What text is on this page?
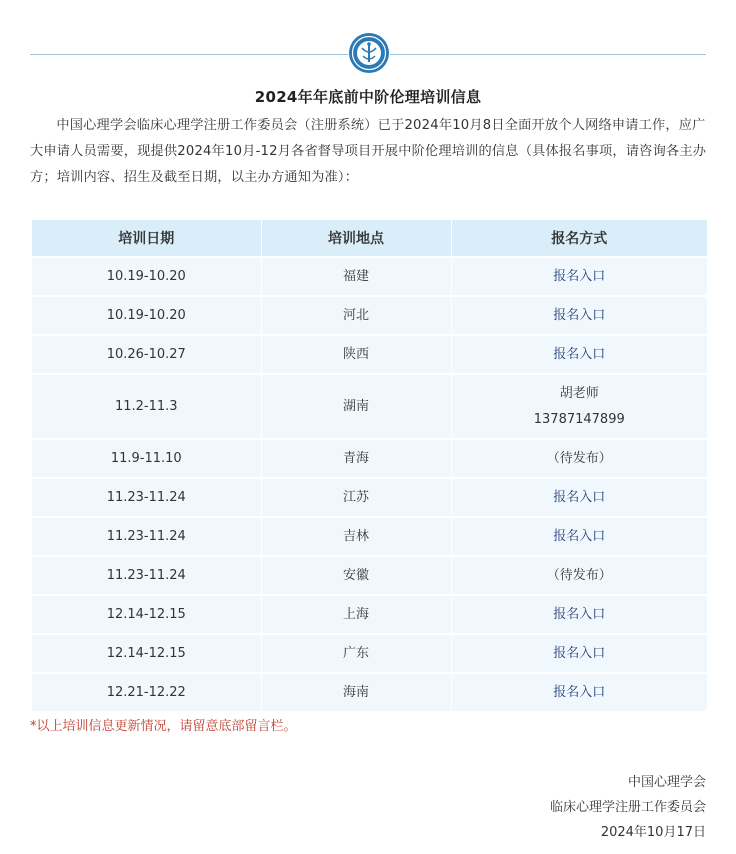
2024年年底前中阶伦理培训信息

中国心理学会临床心理学注册工作委员会（注册系统）已于2024年10月8日全面开放个人网络申请工作，应广大申请人员需要，现提供2024年10月-12月各省督导项目开展中阶伦理培训的信息（具体报名事项，请咨询各主办方；培训内容、招生及截至日期，以主办方通知为准）：

培训日期	培训地点	报名方式
10.19-10.20	福建	报名入口
10.19-10.20	河北	报名入口
10.26-10.27	陕西	报名入口
11.2-11.3	湖南	胡老师
13787147899

11.9-11.10	青海	（待发布）
11.23-11.24	江苏	报名入口
11.23-11.24	吉林	报名入口
11.23-11.24	安徽	（待发布）
12.14-12.15	上海	报名入口
12.14-12.15	广东	报名入口
12.21-12.22	海南	报名入口
*以上培训信息更新情况，请留意底部留言栏。
中国心理学会
临床心理学注册工作委员会
2024年10月17日
